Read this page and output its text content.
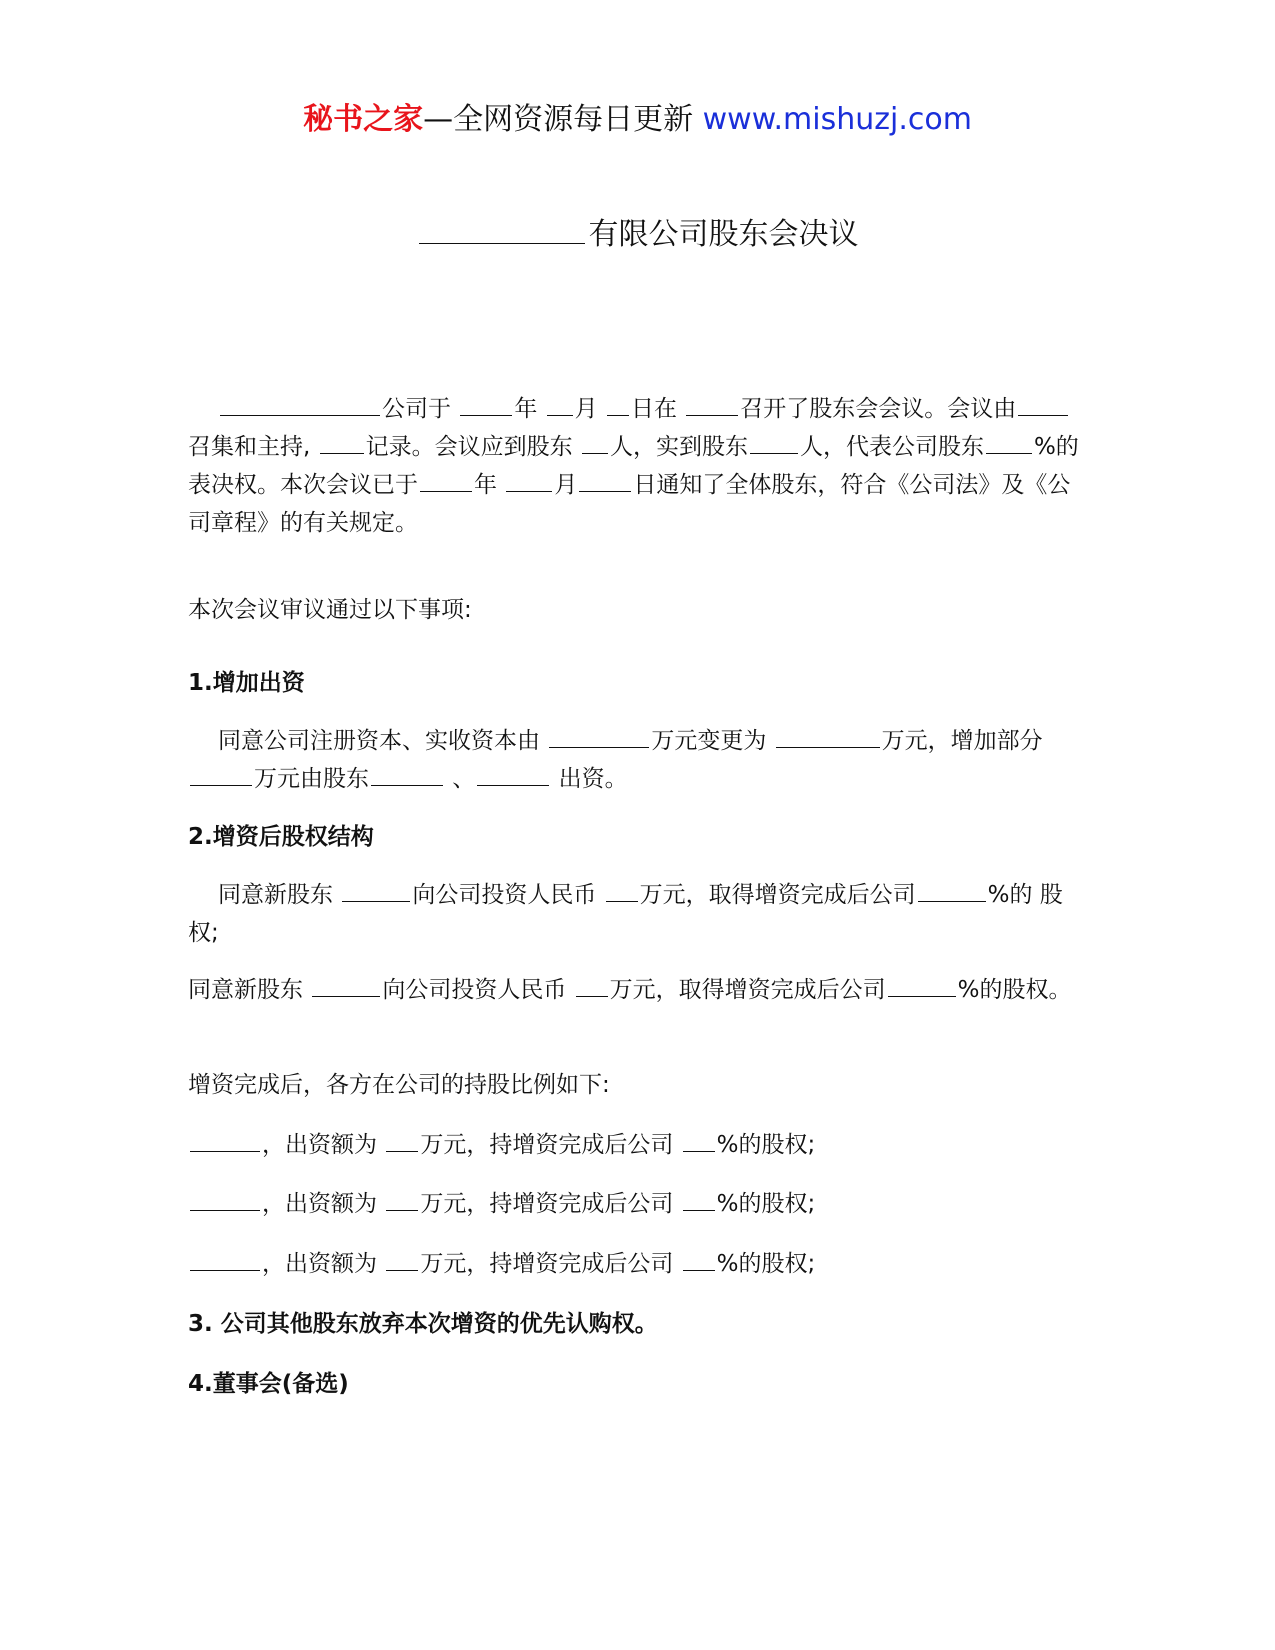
秘书之家—全网资源每日更新 www.mishuzj.com
有限公司股东会决议

公司于 年 月 日在 召开了股东会会议。会议由召集和主持, 记录。会议应到股东 人，实到股东 人，代表公司股东 %的表决权。本次会议已于 年 月 日通知了全体股东，符合《公司法》及《公司章程》的有关规定。

本次会议审议通过以下事项:

1.增加出资

同意公司注册资本、实收资本由	万元变更为	万元，增加部分万元由股东	、	出资。

2.增资后股权结构

同意新股东	向公司投资人民币 万元，取得增资完成后公司	%的 股权;

同意新股东	向公司投资人民币 万元，取得增资完成后公司	%的股权。

增资完成后，各方在公司的持股比例如下:

，出资额为 万元，持增资完成后公司 %的股权;

，出资额为 万元，持增资完成后公司 %的股权;

，出资额为 万元，持增资完成后公司 %的股权;

3. 公司其他股东放弃本次增资的优先认购权。

4.董事会(备选)
